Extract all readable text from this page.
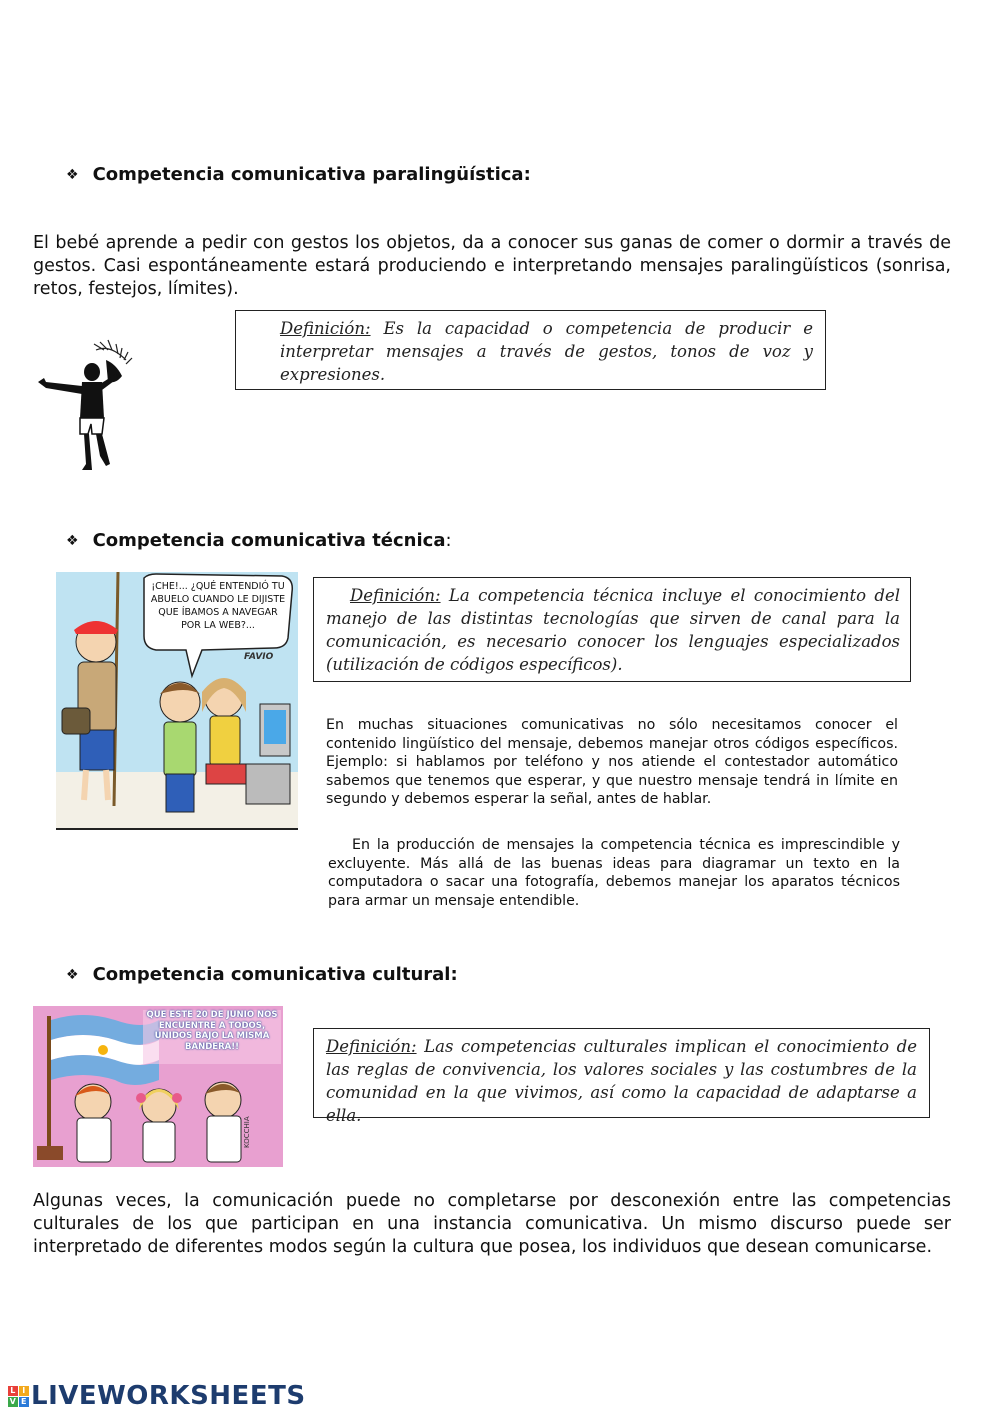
❖ Competencia comunicativa paralingüística:

El bebé aprende a pedir con gestos los objetos, da a conocer sus ganas de comer o dormir a través de gestos. Casi espontáneamente estará produciendo e interpretando mensajes paralingüísticos (sonrisa, retos, festejos, límites).

Definición: Es la capacidad o competencia de producir e interpretar mensajes a través de gestos, tonos de voz y expresiones.
❖ Competencia comunicativa técnica :
¡CHE!... ¿QUÉ ENTENDIÓ TU ABUELO CUANDO LE DIJISTE QUE ÍBAMOS A NAVEGAR POR LA WEB?...
FAVIO
Definición: La competencia técnica incluye el conocimiento del manejo de las distintas tecnologías que sirven de canal para la comunicación, es necesario conocer los lenguajes especializados (utilización de códigos específicos).

En muchas situaciones comunicativas no sólo necesitamos conocer el contenido lingüístico del mensaje, debemos manejar otros códigos específicos. Ejemplo: si hablamos por teléfono y nos atiende el contestador automático sabemos que tenemos que esperar, y que nuestro mensaje tendrá in límite en segundo y debemos esperar la señal, antes de hablar.

En la producción de mensajes la competencia técnica es imprescindible y excluyente. Más allá de las buenas ideas para diagramar un texto en la computadora o sacar una fotografía, debemos manejar los aparatos técnicos para armar un mensaje entendible.

❖ Competencia comunicativa cultural:
QUE ESTE 20 DE JUNIO NOS ENCUENTRE A TODOS, UNIDOS BAJO LA MISMA BANDERA!!
KOCCHIA
Definición: Las competencias culturales implican el conocimiento de las reglas de convivencia, los valores sociales y las costumbres de la comunidad en la que vivimos, así como la capacidad de adaptarse a ella.

Algunas veces, la comunicación puede no completarse por desconexión entre las competencias culturales de los que participan en una instancia comunicativa. Un mismo discurso puede ser interpretado de diferentes modos según la cultura que posea, los individuos que desean comunicarse.

L I
V E LIVEWORKSHEETS
